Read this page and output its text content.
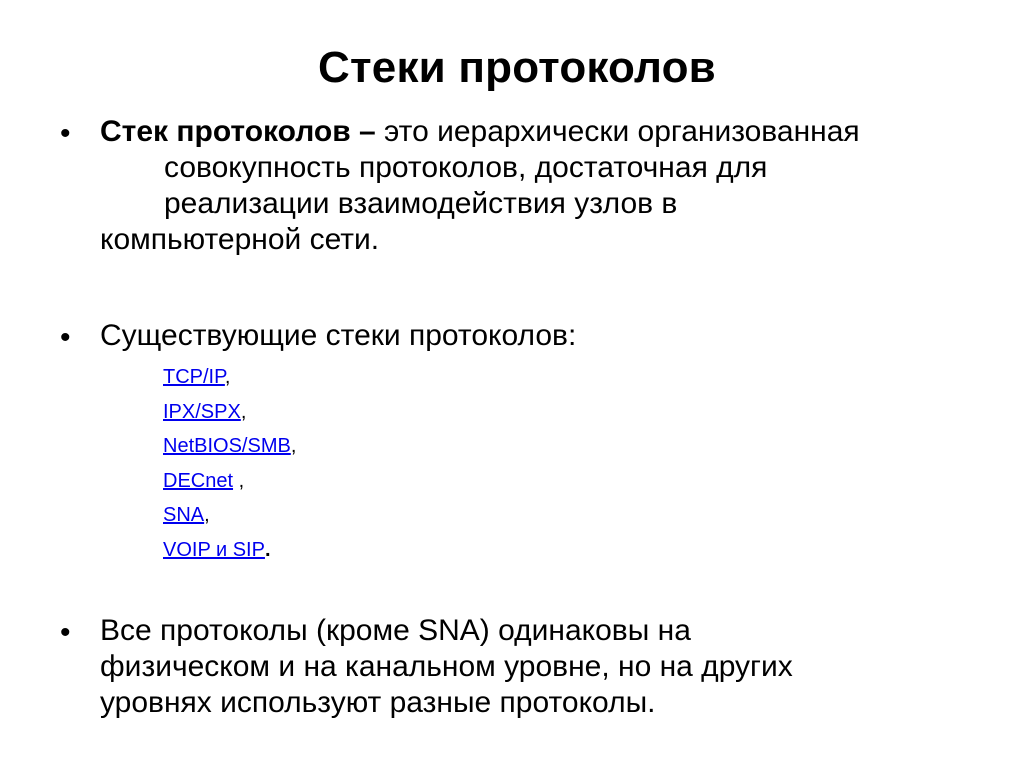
Стеки протоколов
• Стек протоколов – это иерархически организованная
совокупность протоколов, достаточная для
реализации взаимодействия узлов в
компьютерной сети.
• Существующие стеки протоколов:
TCP/IP,
IPX/SPX,
NetBIOS/SMB,
DECnet ,
SNA,
VOIP и SIP.
• Все протоколы (кроме SNA) одинаковы на
физическом и на канальном уровне, но на других
уровнях используют разные протоколы.
